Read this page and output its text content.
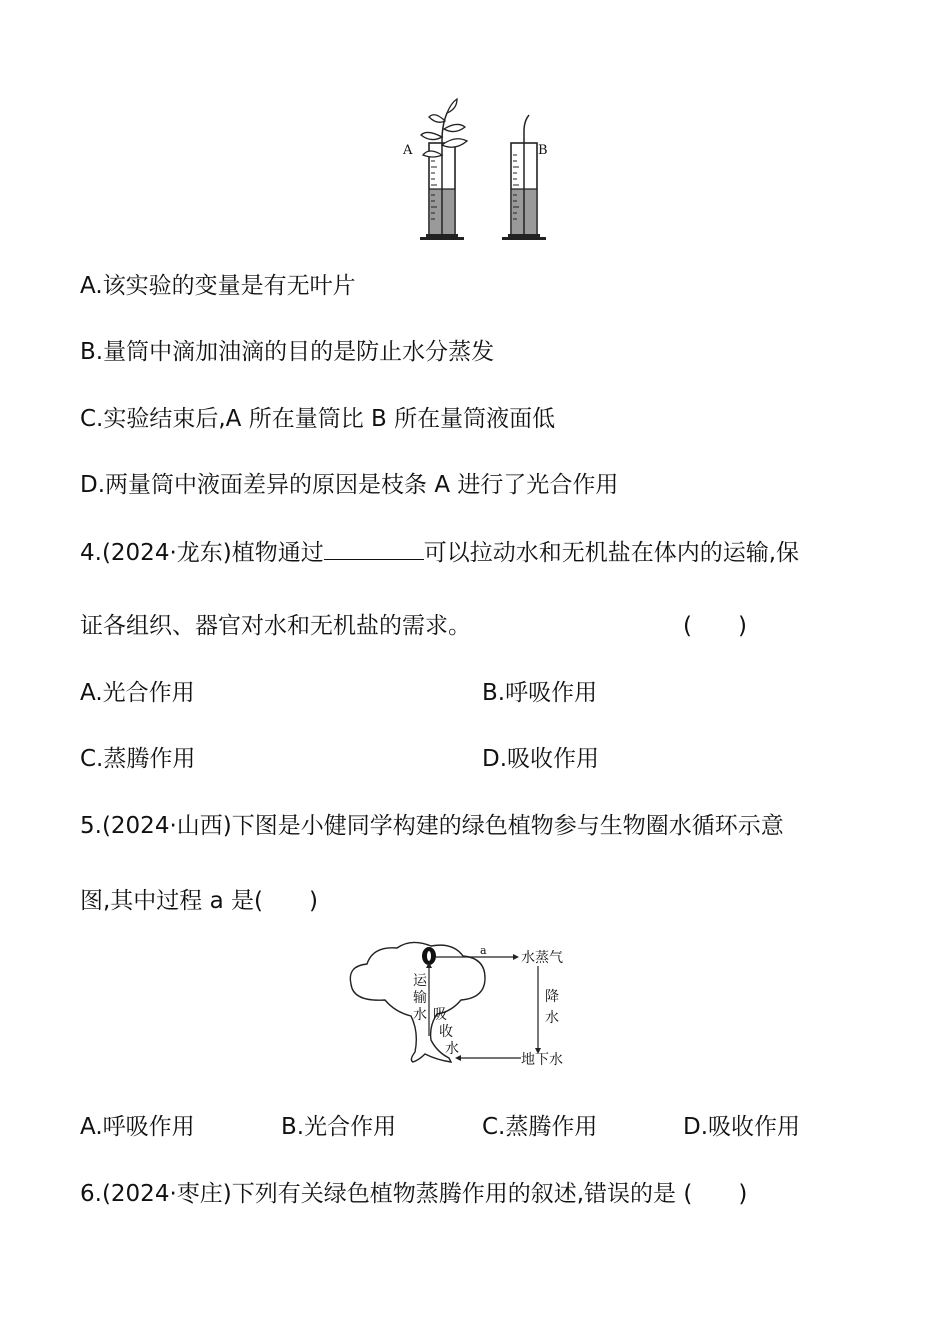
A	B
A.该实验的变量是有无叶片
B.量筒中滴加油滴的目的是防止水分蒸发
C.实验结束后,A 所在量筒比 B 所在量筒液面低
D.两量筒中液面差异的原因是枝条 A 进行了光合作用
4.(2024·龙东)植物通过	可以拉动水和无机盐在体内的运输,保
证各组织、器官对水和无机盐的需求。	(　　)
A.光合作用	B.呼吸作用
C.蒸腾作用	D.吸收作用
5.(2024·山西)下图是小健同学构建的绿色植物参与生物圈水循环示意
图,其中过程 a 是(　　)
a 水蒸气
降
水
地下水
运
输
水 吸
收
水
A.呼吸作用	B.光合作用	C.蒸腾作用	D.吸收作用
6.(2024·枣庄)下列有关绿色植物蒸腾作用的叙述,错误的是 (　　)
